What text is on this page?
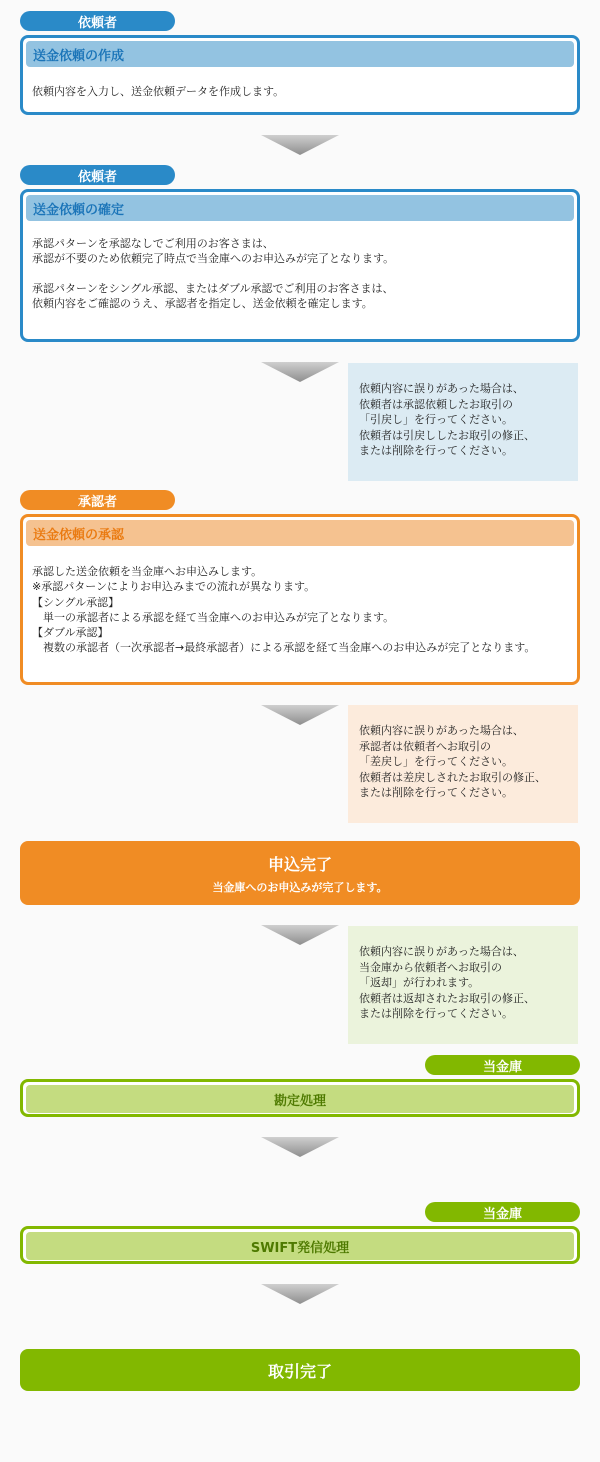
依頼者
送金依頼の作成
依頼内容を入力し、送金依頼データを作成します。
依頼者
送金依頼の確定
承認パターンを承認なしでご利用のお客さまは、
承認が不要のため依頼完了時点で当金庫へのお申込みが完了となります。

承認パターンをシングル承認、またはダブル承認でご利用のお客さまは、
依頼内容をご確認のうえ、承認者を指定し、送金依頼を確定します。
依頼内容に誤りがあった場合は、
依頼者は承認依頼したお取引の
「引戻し」を行ってください。
依頼者は引戻ししたお取引の修正、
または削除を行ってください。
承認者
送金依頼の承認
承認した送金依頼を当金庫へお申込みします。
※承認パターンによりお申込みまでの流れが異なります。
【シングル承認】
　単一の承認者による承認を経て当金庫へのお申込みが完了となります。
【ダブル承認】
　複数の承認者（一次承認者→最終承認者）による承認を経て当金庫へのお申込みが完了となります。
依頼内容に誤りがあった場合は、
承認者は依頼者へお取引の
「差戻し」を行ってください。
依頼者は差戻しされたお取引の修正、
または削除を行ってください。
申込完了
当金庫へのお申込みが完了します。
依頼内容に誤りがあった場合は、
当金庫から依頼者へお取引の
「返却」が行われます。
依頼者は返却されたお取引の修正、
または削除を行ってください。
当金庫
勘定処理
当金庫
SWIFT発信処理
取引完了
